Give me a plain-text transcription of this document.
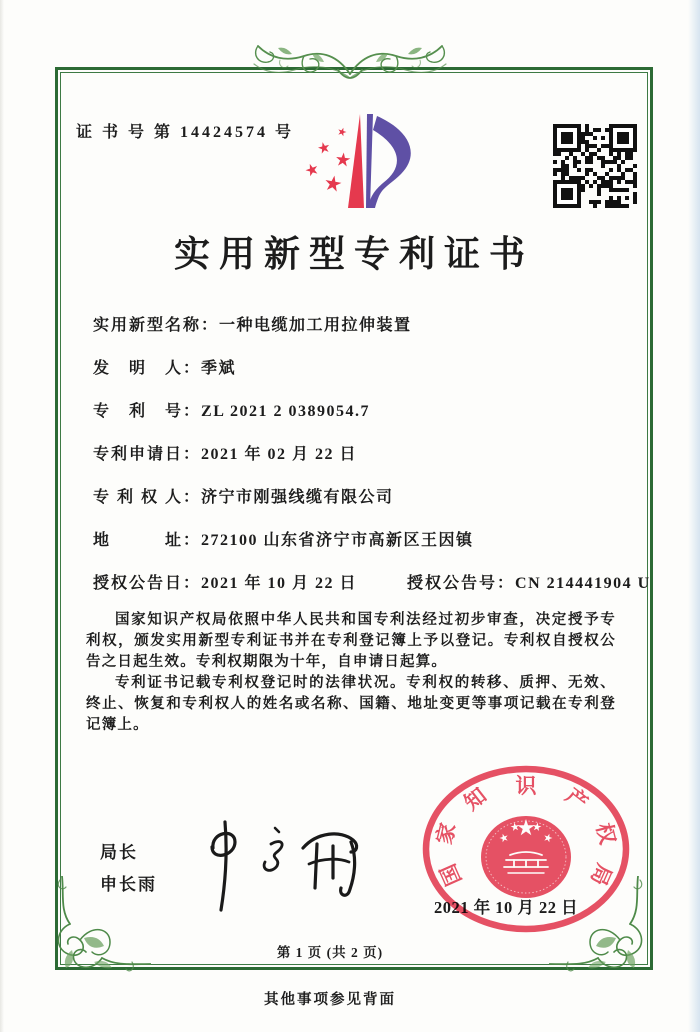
证 书 号 第 14424574 号
实用新型专利证书
实用新型名称：一种电缆加工用拉伸装置
发　明　人：季斌
专　利　号：ZL 2021 2 0389054.7
专利申请日：2021 年 02 月 22 日
专 利 权 人：济宁市刚强线缆有限公司
地　　　址：272100 山东省济宁市高新区王因镇
授权公告日：2021 年 10 月 22 日	授权公告号：CN 214441904 U

国家知识产权局依照中华人民共和国专利法经过初步审查，决定授予专利权，颁发实用新型专利证书并在专利登记簿上予以登记。专利权自授权公告之日起生效。专利权期限为十年，自申请日起算。

专利证书记载专利权登记时的法律状况。专利权的转移、质押、无效、终止、恢复和专利权人的姓名或名称、国籍、地址变更等事项记载在专利登记簿上。

局长
申长雨
2021 年 10 月 22 日
国
家
知 识 产
权
局
第 1 页 (共 2 页)
其他事项参见背面
